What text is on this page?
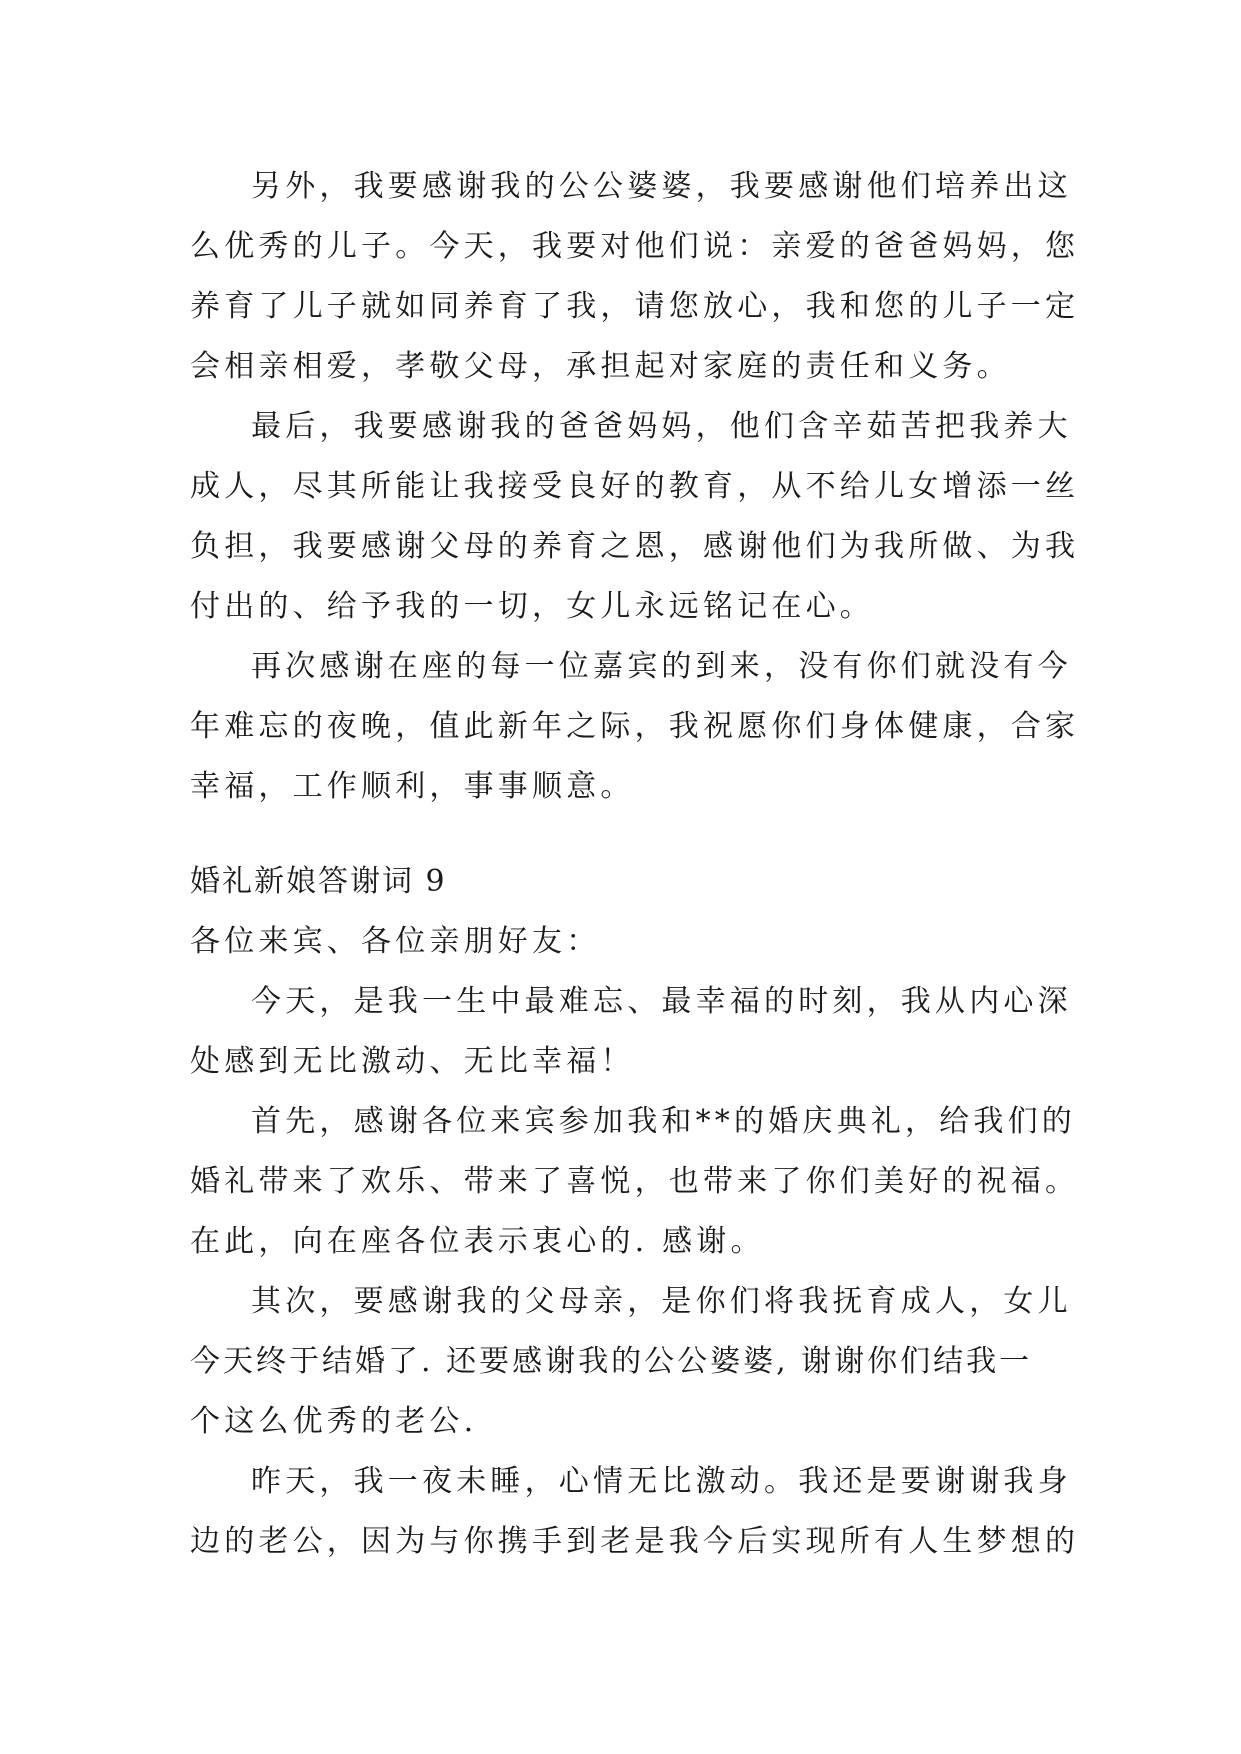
另外，我要感谢我的公公婆婆，我要感谢他们培养出这
么优秀的儿子。今天，我要对他们说：亲爱的爸爸妈妈，您
养育了儿子就如同养育了我，请您放心，我和您的儿子一定
会相亲相爱，孝敬父母，承担起对家庭的责任和义务。
最后，我要感谢我的爸爸妈妈，他们含辛茹苦把我养大
成人，尽其所能让我接受良好的教育，从不给儿女增添一丝
负担，我要感谢父母的养育之恩，感谢他们为我所做、为我
付出的、给予我的一切，女儿永远铭记在心。
再次感谢在座的每一位嘉宾的到来，没有你们就没有今
年难忘的夜晚，值此新年之际，我祝愿你们身体健康，合家
幸福，工作顺利，事事顺意。
婚礼新娘答谢词 9
各位来宾、各位亲朋好友：
今天，是我一生中最难忘、最幸福的时刻，我从内心深
处感到无比激动、无比幸福！
首先，感谢各位来宾参加我和**的婚庆典礼，给我们的
婚礼带来了欢乐、带来了喜悦，也带来了你们美好的祝福。
在此，向在座各位表示衷心的. 感谢。
其次，要感谢我的父母亲，是你们将我抚育成人，女儿
今天终于结婚了. 还要感谢我的公公婆婆, 谢谢你们结我一
个这么优秀的老公.
昨天，我一夜未睡，心情无比激动。我还是要谢谢我身
边的老公，因为与你携手到老是我今后实现所有人生梦想的
